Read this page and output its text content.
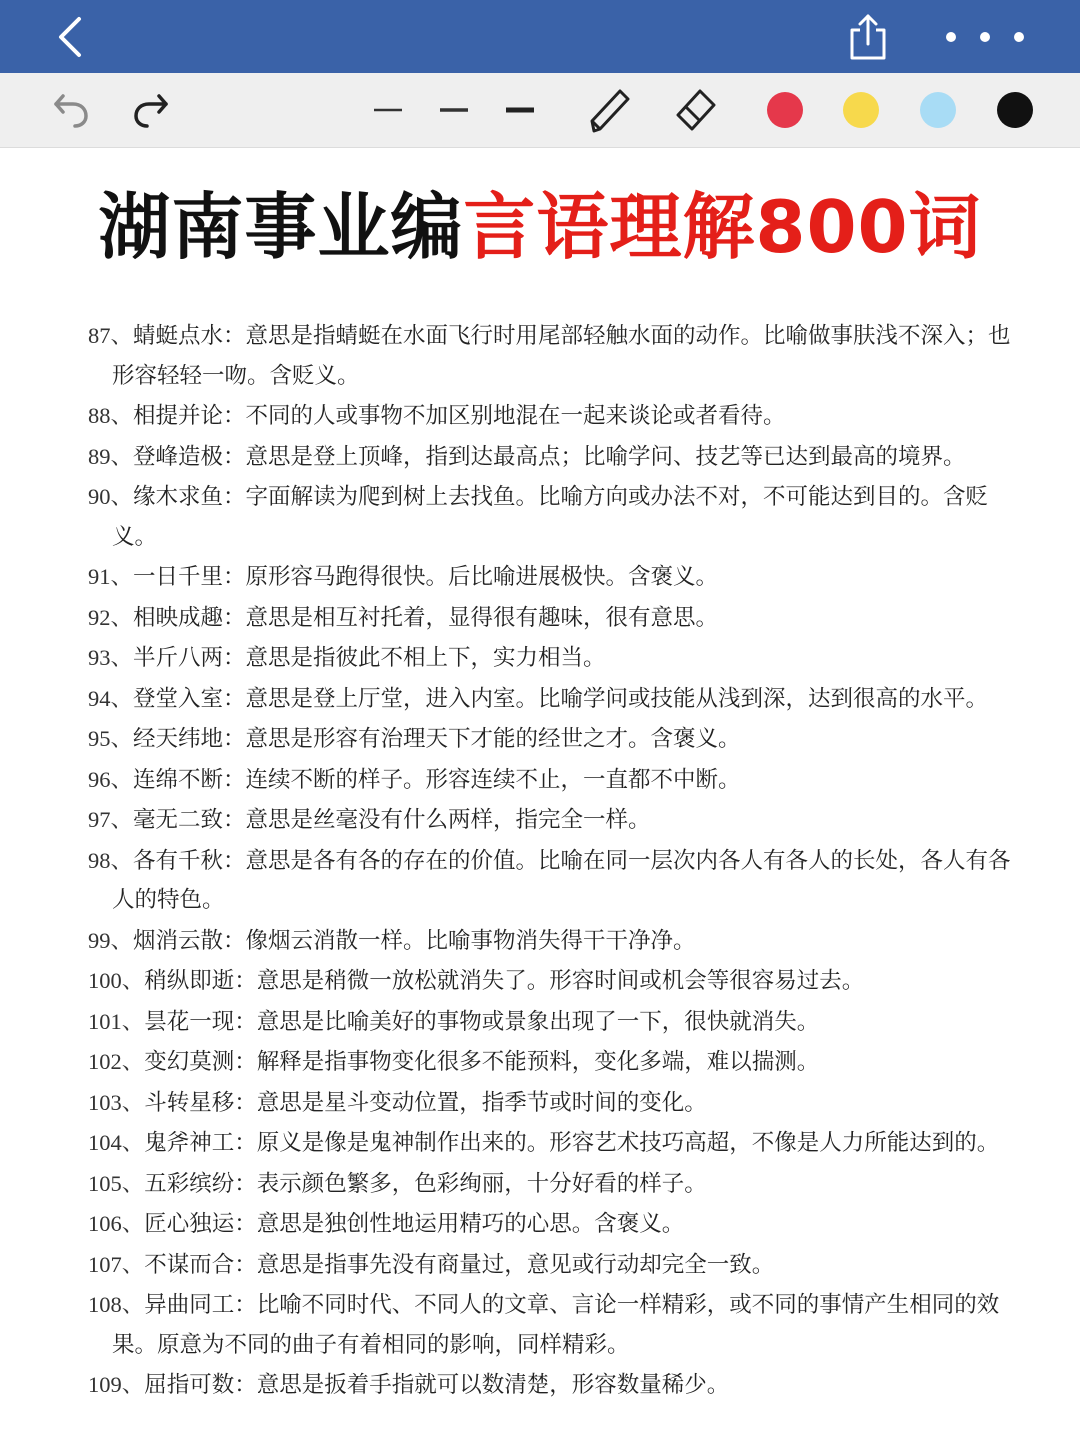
湖南事业编言语理解800词
87、蜻蜓点水：意思是指蜻蜓在水面飞行时用尾部轻触水面的动作。比喻做事肤浅不深入；也形容轻轻一吻。含贬义。
88、相提并论：不同的人或事物不加区别地混在一起来谈论或者看待。
89、登峰造极：意思是登上顶峰，指到达最高点；比喻学问、技艺等已达到最高的境界。
90、缘木求鱼：字面解读为爬到树上去找鱼。比喻方向或办法不对，不可能达到目的。含贬义。
91、一日千里：原形容马跑得很快。后比喻进展极快。含褒义。
92、相映成趣：意思是相互衬托着，显得很有趣味，很有意思。
93、半斤八两：意思是指彼此不相上下，实力相当。
94、登堂入室：意思是登上厅堂，进入内室。比喻学问或技能从浅到深，达到很高的水平。
95、经天纬地：意思是形容有治理天下才能的经世之才。含褒义。
96、连绵不断：连续不断的样子。形容连续不止，一直都不中断。
97、毫无二致：意思是丝毫没有什么两样，指完全一样。
98、各有千秋：意思是各有各的存在的价值。比喻在同一层次内各人有各人的长处，各人有各人的特色。
99、烟消云散：像烟云消散一样。比喻事物消失得干干净净。
100、稍纵即逝：意思是稍微一放松就消失了。形容时间或机会等很容易过去。
101、昙花一现：意思是比喻美好的事物或景象出现了一下，很快就消失。
102、变幻莫测：解释是指事物变化很多不能预料，变化多端，难以揣测。
103、斗转星移：意思是星斗变动位置，指季节或时间的变化。
104、鬼斧神工：原义是像是鬼神制作出来的。形容艺术技巧高超，不像是人力所能达到的。
105、五彩缤纷：表示颜色繁多，色彩绚丽，十分好看的样子。
106、匠心独运：意思是独创性地运用精巧的心思。含褒义。
107、不谋而合：意思是指事先没有商量过，意见或行动却完全一致。
108、异曲同工：比喻不同时代、不同人的文章、言论一样精彩，或不同的事情产生相同的效果。原意为不同的曲子有着相同的影响，同样精彩。
109、屈指可数：意思是扳着手指就可以数清楚，形容数量稀少。
